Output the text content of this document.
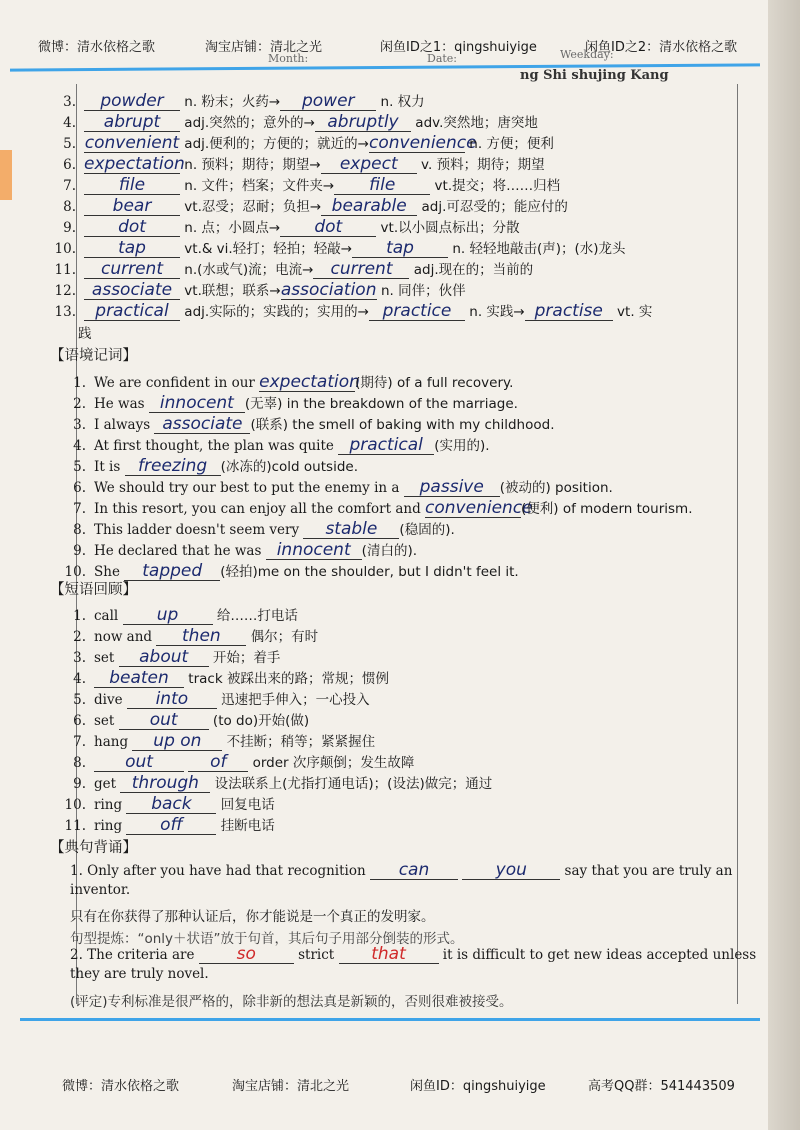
微博：清水依格之歌	淘宝店铺：清北之光	闲鱼ID之1：qingshuiyige	闲鱼ID之2：清水依格之歌
Month:	Date:	Weekday:
ng Shi shujing Kang
3. powder n. 粉末；火药→ power n. 权力
4. abrupt adj.突然的；意外的→ abruptly adv.突然地；唐突地
5. convenient adj.便利的；方便的；就近的→convenience n. 方便；便利
6. expectation n. 预料；期待；期望→ expect v. 预料；期待；期望
7.	file	n. 文件；档案；文件夹→ file	vt.提交；将……归档
8. bear vt.忍受；忍耐；负担→ bearable adj.可忍受的；能应付的
9. dot	n. 点；小圆点→ dot	vt.以小圆点标出；分散
10. tap	vt.& vi.轻打；轻拍；轻敲→ tap	n. 轻轻地敲击(声)；(水)龙头
11. current n.(水或气)流；电流→ current adj.现在的；当前的
12. associate vt.联想；联系→association n. 同伴；伙伴
13. practical adj.实际的；实践的；实用的→ practice n. 实践→ practise vt. 实
践
【语境记词】
1. We are confident in our expectation(期待) of a full recovery.
2. He was innocent (无辜) in the breakdown of the marriage.
3. I always associate (联系) the smell of baking with my childhood.
4. At first thought, the plan was quite practical (实用的).
5. It is freezing (冰冻的)cold outside.
6. We should try our best to put the enemy in a passive (被动的) position.
7. In this resort, you can enjoy all the comfort and convenience(便利) of modern tourism.
8. This ladder doesn't seem very stable (稳固的).
9. He declared that he was innocent (清白的).
10. She tapped (轻拍)me on the shoulder, but I didn't feel it.
【短语回顾】
1. call up	给……打电话
2. now and then 偶尔；有时
3. set about 开始；着手
4. beaten track 被踩出来的路；常规；惯例
5. dive into 迅速把手伸入；一心投入
6. set out (to do)开始(做)
7. hang up on 不挂断；稍等；紧紧握住
8. out	of order 次序颠倒；发生故障
9. get through 设法联系上(尤指打通电话)；(设法)做完；通过
10. ring back 回复电话
11. ring off 挂断电话
【典句背诵】
1. Only after you have had that recognition can	you say that you are truly an
inventor.
只有在你获得了那种认证后，你才能说是一个真正的发明家。
句型提炼：“only＋状语”放于句首，其后句子用部分倒装的形式。
2. The criteria are so	strict that it is difficult to get new ideas accepted unless
they are truly novel.
(评定)专利标准是很严格的，除非新的想法真是新颖的，否则很难被接受。
微博：清水依格之歌	淘宝店铺：清北之光	闲鱼ID：qingshuiyige	高考QQ群：541443509
